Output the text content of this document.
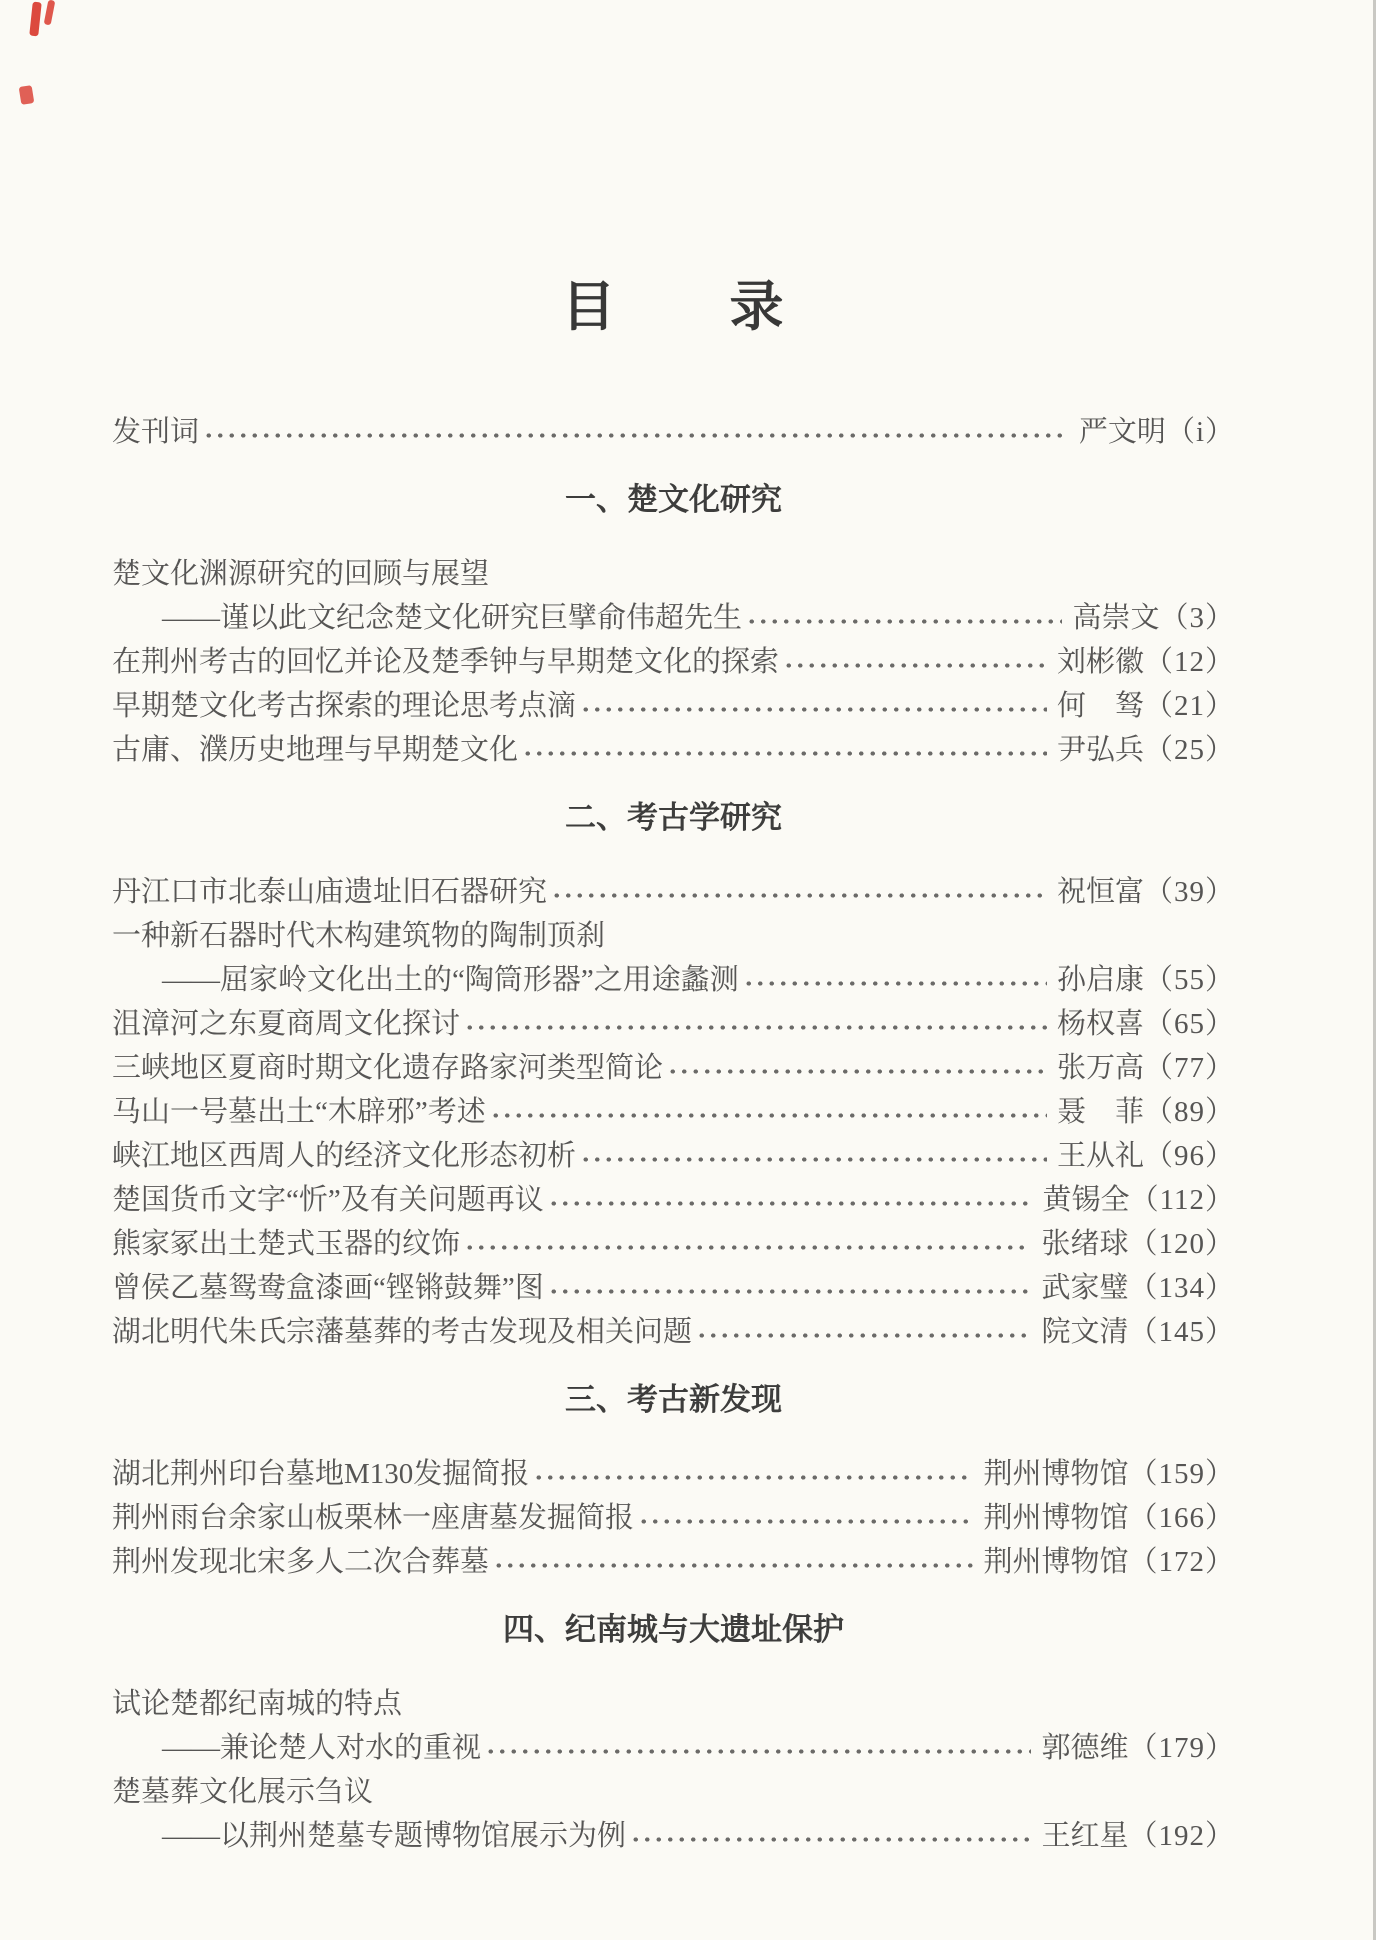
目　　录
发刊词	严文明（i）
一、楚文化研究
楚文化渊源研究的回顾与展望
——谨以此文纪念楚文化研究巨擘俞伟超先生	高崇文（3）
在荆州考古的回忆并论及楚季钟与早期楚文化的探索	刘彬徽（12）
早期楚文化考古探索的理论思考点滴	何　驽（21）
古庸、濮历史地理与早期楚文化	尹弘兵（25）
二、考古学研究
丹江口市北泰山庙遗址旧石器研究	祝恒富（39）
一种新石器时代木构建筑物的陶制顶刹
——屈家岭文化出土的“陶筒形器”之用途蠡测	孙启康（55）
沮漳河之东夏商周文化探讨	杨权喜（65）
三峡地区夏商时期文化遗存路家河类型简论	张万高（77）
马山一号墓出土“木辟邪”考述	聂　菲（89）
峡江地区西周人的经济文化形态初析	王从礼（96）
楚国货币文字“忻”及有关问题再议	黄锡全（112）
熊家冢出土楚式玉器的纹饰	张绪球（120）
曾侯乙墓鸳鸯盒漆画“铿锵鼓舞”图	武家璧（134）
湖北明代朱氏宗藩墓葬的考古发现及相关问题	院文清（145）
三、考古新发现
湖北荆州印台墓地M130发掘简报	荆州博物馆（159）
荆州雨台余家山板栗林一座唐墓发掘简报	荆州博物馆（166）
荆州发现北宋多人二次合葬墓	荆州博物馆（172）
四、纪南城与大遗址保护
试论楚都纪南城的特点
——兼论楚人对水的重视	郭德维（179）
楚墓葬文化展示刍议
——以荆州楚墓专题博物馆展示为例	王红星（192）
